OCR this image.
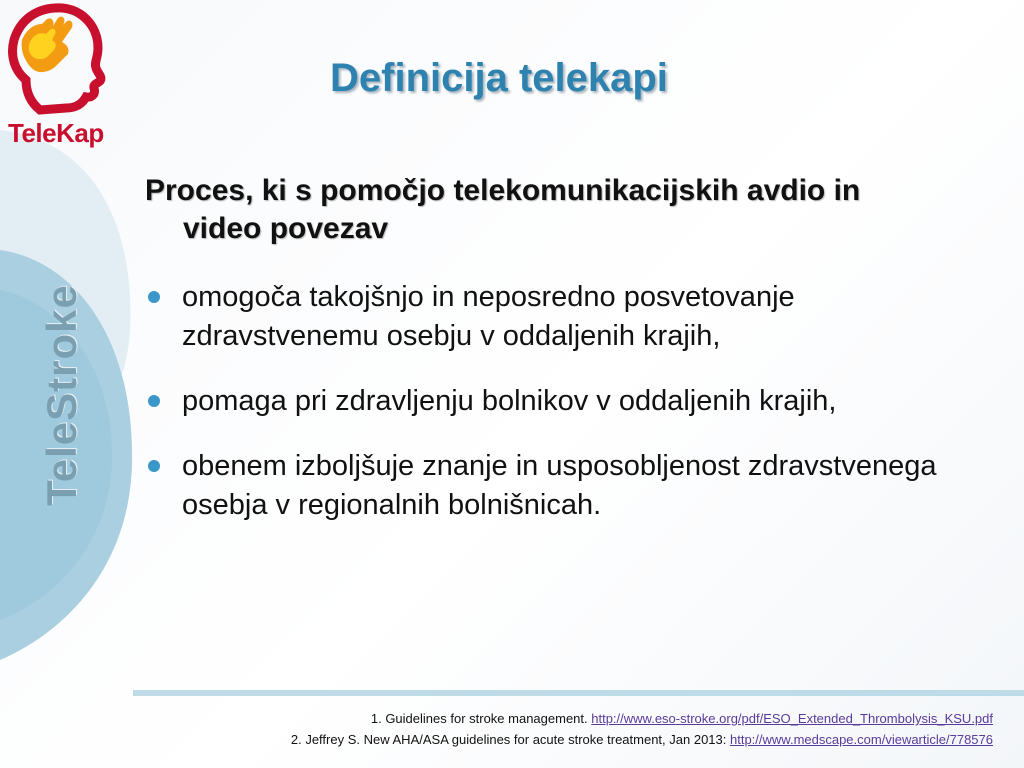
TeleKap
TeleStroke
Definicija telekapi

Proces, ki s pomočjo telekomunikacijskih avdio in video povezav

omogoča takojšnjo in neposredno posvetovanje zdravstvenemu osebju v oddaljenih krajih,
pomaga pri zdravljenju bolnikov v oddaljenih krajih,
obenem izboljšuje znanje in usposobljenost zdravstvenega osebja v regionalnih bolnišnicah.
1. Guidelines for stroke management. http://www.eso-stroke.org/pdf/ESO_Extended_Thrombolysis_KSU.pdf
2. Jeffrey S. New AHA/ASA guidelines for acute stroke treatment, Jan 2013: http://www.medscape.com/viewarticle/778576
